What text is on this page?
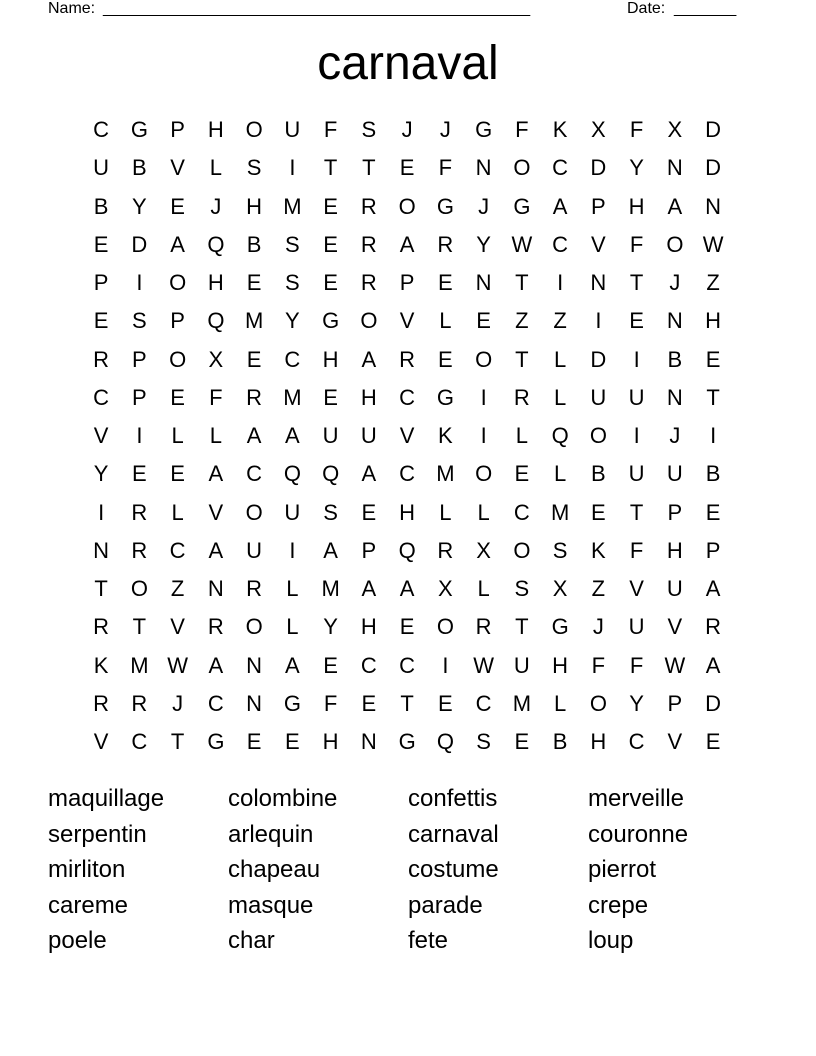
Name: ________________________________________________	Date: _______
carnaval
C G	P	H O U	F	S	J	J	G	F	K	X	F	X	D
U	B	V	L	S	I	T	T	E	F	N O C	D	Y	N	D
B	Y	E	J	H M E	R O G	J	G	A	P	H	A	N
E	D	A	Q	B	S	E	R	A	R	Y W C	V	F	O W
P	I	O H	E	S	E	R	P	E	N	T	I	N	T	J	Z
E	S	P	Q M Y	G O	V	L	E	Z	Z	I	E	N	H
R	P	O	X	E	C	H	A	R	E	O	T	L	D	I	B	E
C	P	E	F	R M E	H	C G	I	R	L	U	U	N	T
V	I	L	L	A	A	U	U	V	K	I	L	Q O	I	J	I
Y	E	E	A	C Q Q	A	C M O	E	L	B	U	U	B
I	R	L	V	O U	S	E	H	L	L	C M E	T	P	E
N	R	C	A	U	I	A	P	Q R	X	O	S	K	F	H	P
T	O	Z	N	R	L	M A	A	X	L	S	X	Z	V	U	A
R	T	V	R O	L	Y	H	E	O R	T	G	J	U	V	R
K M W A	N	A	E	C	C	I	W U	H	F	F W A
R	R	J	C	N G	F	E	T	E	C M	L	O	Y	P	D
V	C	T	G	E	E	H	N G Q	S	E	B	H	C	V	E
maquillage	colombine	confettis	merveille
serpentin	arlequin	carnaval	couronne
mirliton	chapeau	costume	pierrot
careme	masque	parade	crepe
poele	char	fete	loup
